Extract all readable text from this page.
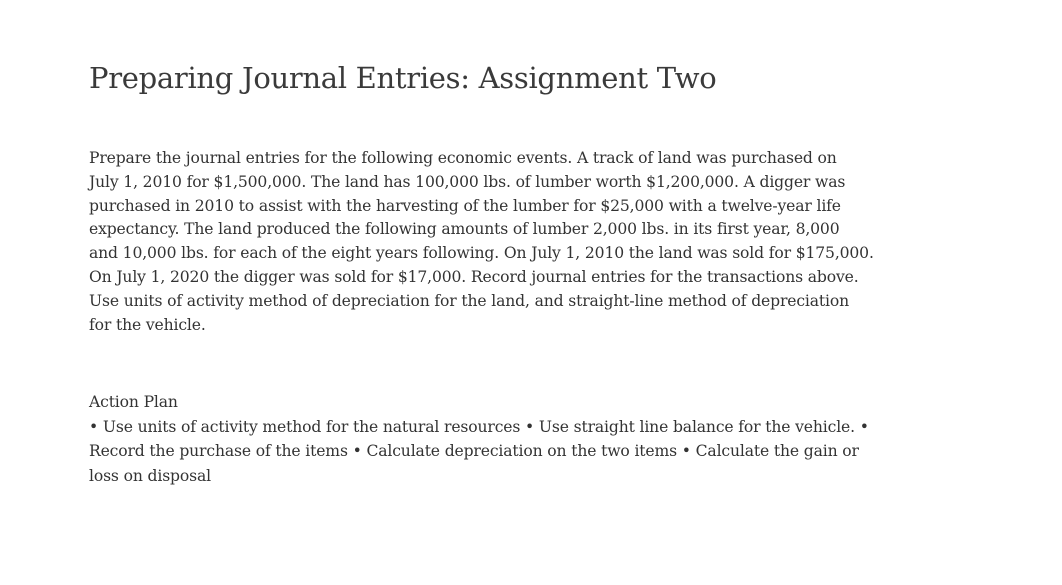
Preparing Journal Entries: Assignment Two
Prepare the journal entries for the following economic events. A track of land was purchased on
July 1, 2010 for $1,500,000. The land has 100,000 lbs. of lumber worth $1,200,000. A digger was
purchased in 2010 to assist with the harvesting of the lumber for $25,000 with a twelve-year life
expectancy. The land produced the following amounts of lumber 2,000 lbs. in its first year, 8,000
and 10,000 lbs. for each of the eight years following. On July 1, 2010 the land was sold for $175,000.
On July 1, 2020 the digger was sold for $17,000. Record journal entries for the transactions above.
Use units of activity method of depreciation for the land, and straight-line method of depreciation
for the vehicle.
Action Plan
• Use units of activity method for the natural resources • Use straight line balance for the vehicle. •
Record the purchase of the items • Calculate depreciation on the two items • Calculate the gain or
loss on disposal
